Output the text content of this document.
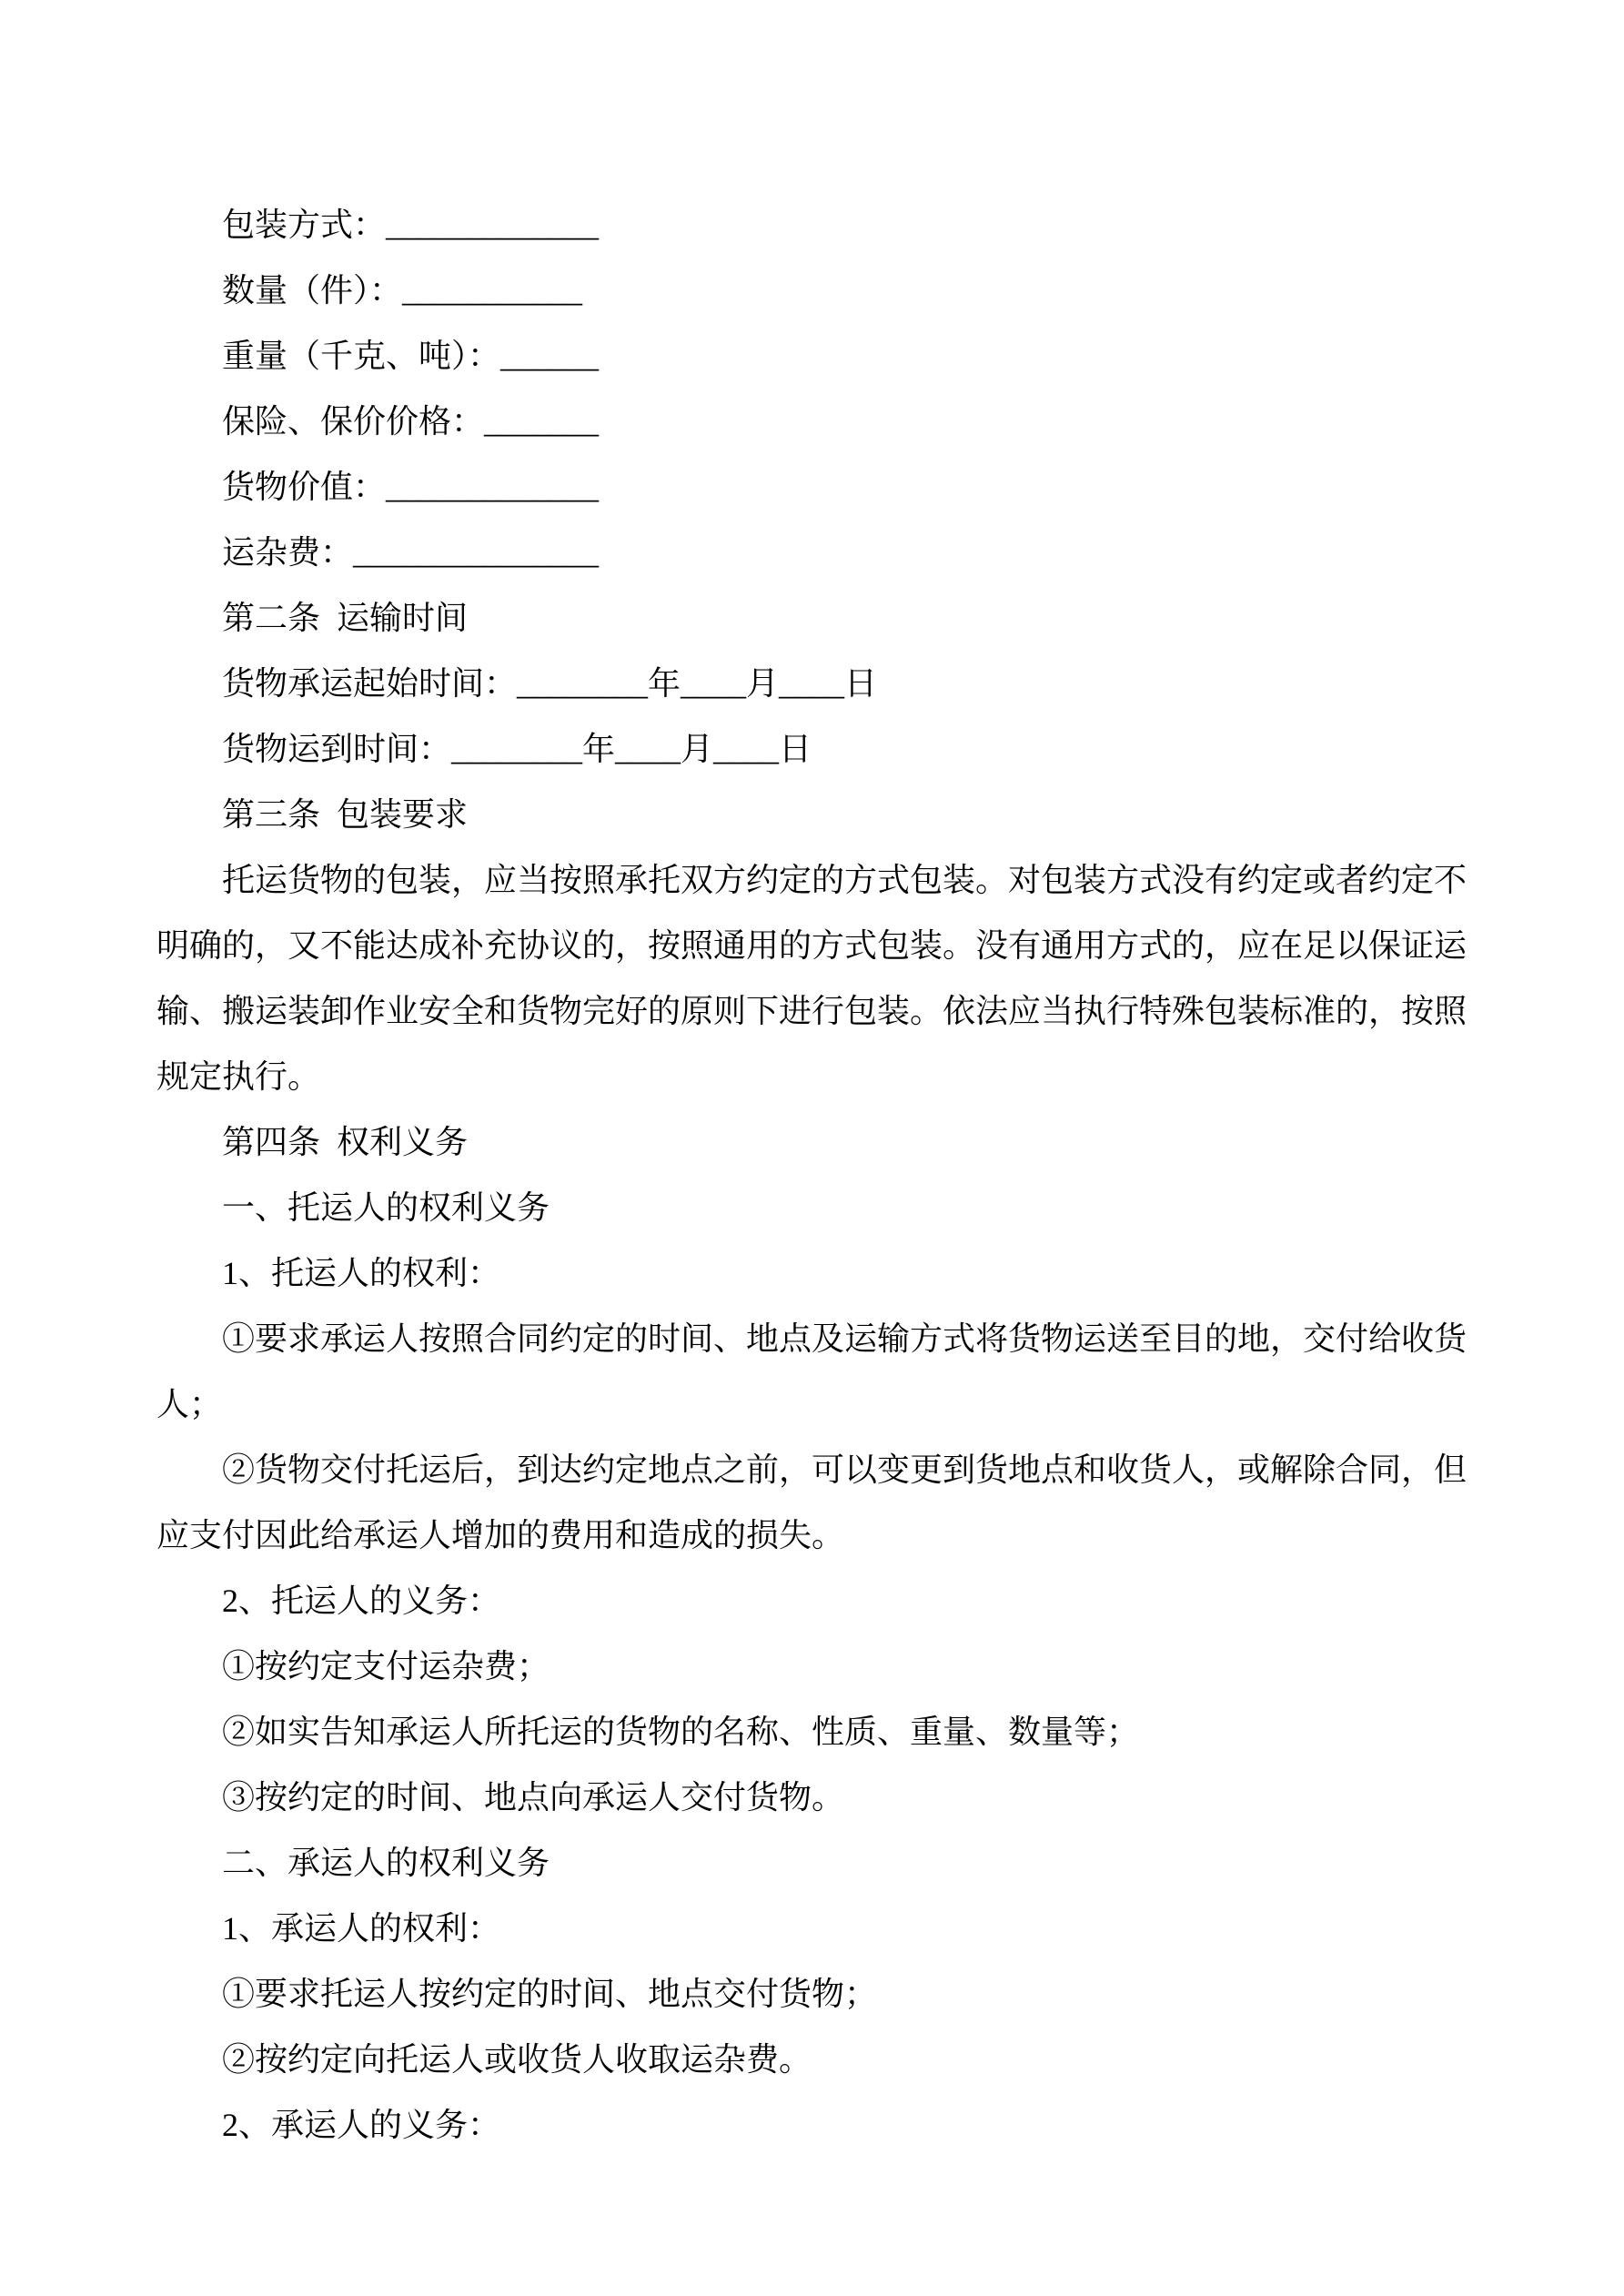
包装方式：_____________

数量（件）：___________

重量（千克、吨）：______

保险、保价价格：_______

货物价值：_____________

运杂费：_______________

第二条  运输时间

货物承运起始时间：________年____月____日

货物运到时间：________年____月____日

第三条  包装要求

托运货物的包装，应当按照承托双方约定的方式包装。对包装方式没有约定或者约定不明确的，又不能达成补充协议的，按照通用的方式包装。没有通用方式的，应在足以保证运输、搬运装卸作业安全和货物完好的原则下进行包装。依法应当执行特殊包装标准的，按照规定执行。

第四条  权利义务

一、托运人的权利义务

1、托运人的权利：

①要求承运人按照合同约定的时间、地点及运输方式将货物运送至目的地，交付给收货人；

②货物交付托运后，到达约定地点之前，可以变更到货地点和收货人，或解除合同，但应支付因此给承运人增加的费用和造成的损失。

2、托运人的义务：

①按约定支付运杂费；

②如实告知承运人所托运的货物的名称、性质、重量、数量等；

③按约定的时间、地点向承运人交付货物。

二、承运人的权利义务

1、承运人的权利：

①要求托运人按约定的时间、地点交付货物；

②按约定向托运人或收货人收取运杂费。

2、承运人的义务：
